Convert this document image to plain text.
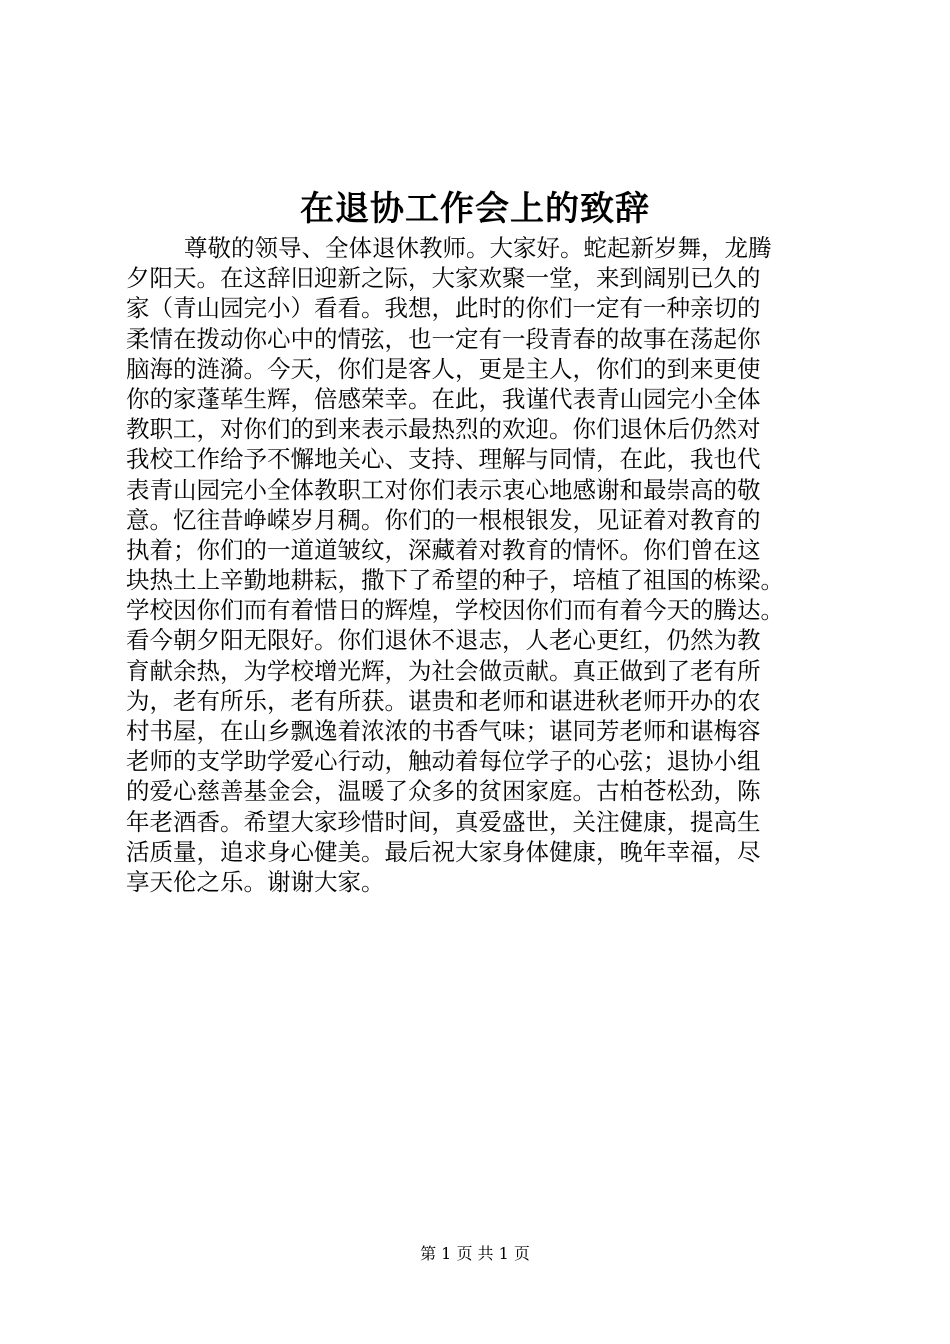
在退协工作会上的致辞
尊敬的领导、全体退休教师。大家好。蛇起新岁舞，龙腾
夕阳天。在这辞旧迎新之际，大家欢聚一堂，来到阔别已久的
家（青山园完小）看看。我想，此时的你们一定有一种亲切的
柔情在拨动你心中的情弦，也一定有一段青春的故事在荡起你
脑海的涟漪。今天，你们是客人，更是主人，你们的到来更使
你的家蓬荜生辉，倍感荣幸。在此，我谨代表青山园完小全体
教职工，对你们的到来表示最热烈的欢迎。你们退休后仍然对
我校工作给予不懈地关心、支持、理解与同情，在此，我也代
表青山园完小全体教职工对你们表示衷心地感谢和最崇高的敬
意。忆往昔峥嵘岁月稠。你们的一根根银发，见证着对教育的
执着；你们的一道道皱纹，深藏着对教育的情怀。你们曾在这
块热土上辛勤地耕耘，撒下了希望的种子，培植了祖国的栋梁。
学校因你们而有着惜日的辉煌，学校因你们而有着今天的腾达。
看今朝夕阳无限好。你们退休不退志，人老心更红，仍然为教
育献余热，为学校增光辉，为社会做贡献。真正做到了老有所
为，老有所乐，老有所获。谌贵和老师和谌进秋老师开办的农
村书屋，在山乡飘逸着浓浓的书香气味；谌同芳老师和谌梅容
老师的支学助学爱心行动，触动着每位学子的心弦；退协小组
的爱心慈善基金会，温暖了众多的贫困家庭。古柏苍松劲，陈
年老酒香。希望大家珍惜时间，真爱盛世，关注健康，提高生
活质量，追求身心健美。最后祝大家身体健康，晚年幸福，尽
享天伦之乐。谢谢大家。
第 1 页 共 1 页
